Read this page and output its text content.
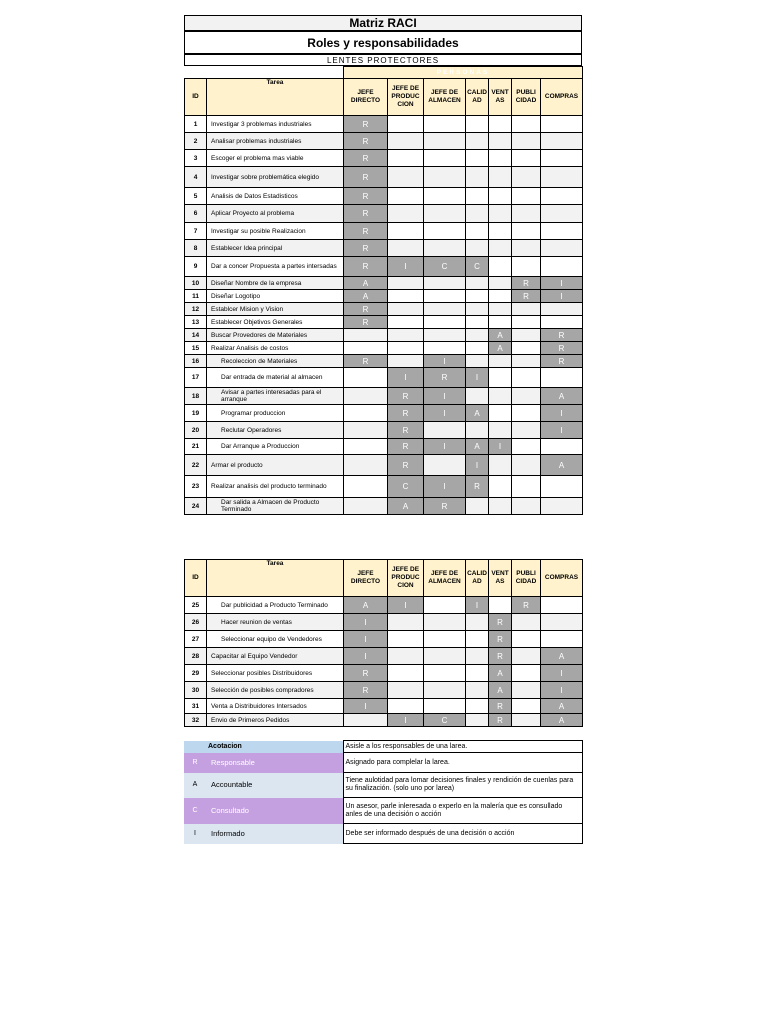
Matriz RACI
Roles y responsabilidades
LENTES PROTECTORES
		PERSONAS						
ID	Tarea	JEFE DIRECTO	JEFE DE PRODUC CION	JEFE DE ALMACEN	CALID AD	VENT AS	PUBLI CIDAD	COMPRAS
1	Investigar 3 problemas industriales	R						
2	Analisar problemas industriales	R						
3	Escoger el problema mas viable	R						
4	Investigar sobre problemática elegido	R						
5	Analisis de Datos Estadisticos	R						
6	Aplicar Proyecto al problema	R						
7	Investigar su posible Realizacion	R						
8	Establecer Idea principal	R						
9	Dar a concer Propuesta a partes intersadas	R	I	C	C			
10	Diseñar Nombre de la empresa	A					R	I
11	Diseñar Logotipo	A					R	I
12	Establcer Mision y Vision	R						
13	Establecer Objetivos Generales	R						
14	Buscar Provedores de Materiales					A		R
15	Realizar Analisis de costos					A		R
16	Recoleccion de Materiales	R		I				R
17	Dar entrada de material al almacen		I	R	I			
18	Avisar a partes interesadas para el arranque		R	I				A
19	Programar produccion		R	I	A			I
20	Reclutar Operadores		R					I
21	Dar Arranque a Produccion		R	I	A	I		
22	Armar el producto		R		I			A
23	Realizar analisis del producto terminado		C	I	R			
24	Dar salida a Almacen de Producto Terminado		A	R				
ID	Tarea	JEFE DIRECTO	JEFE DE PRODUC CION	JEFE DE ALMACEN	CALID AD	VENT AS	PUBLI CIDAD	COMPRAS
25	Dar publicidad a Producto Terminado	A	I		I		R	
26	Hacer reunion de ventas	I				R		
27	Seleccionar equipo de Vendedores	I				R		
28	Capacitar al Equipo Vendedor	I				R		A
29	Seleccionar posibles Distribuidores	R				A		I
30	Selección de posibles compradores	R				A		I
31	Venta a Distribuidores Intersados	I				R		A
32	Envio de Primeros Pedidos		I	C		R		A
	Acotacion	Asisle a los responsables de una larea.
R	Responsable	Asignado para complelar la larea.
A	Accountable	Tiene aulotidad para lomar decisiones finales y rendición de cuenlas para su finalización. (solo uno por larea)
C	Consultado	Un asesor, parle inleresada o experlo en la malería que es consullado anles de una decisión o acción
I	Informado	Debe ser informado después de una decisión o acción
